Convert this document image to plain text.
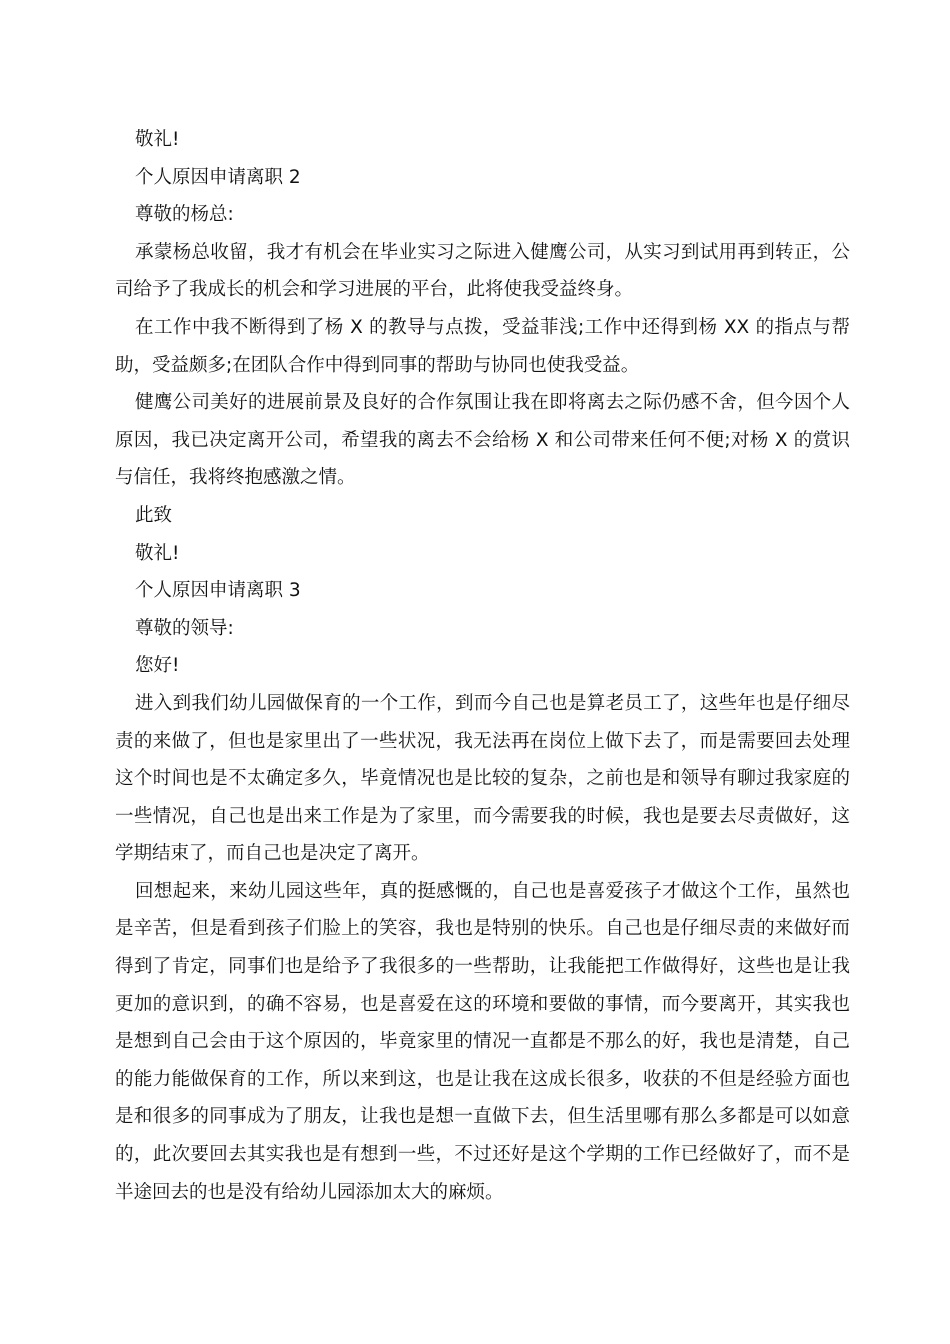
敬礼!

个人原因申请离职 2

尊敬的杨总:

承蒙杨总收留，我才有机会在毕业实习之际进入健鹰公司，从实习到试用再到转正，公司给予了我成长的机会和学习进展的平台，此将使我受益终身。

在工作中我不断得到了杨 X 的教导与点拨，受益菲浅;工作中还得到杨 XX 的指点与帮助，受益颇多;在团队合作中得到同事的帮助与协同也使我受益。

健鹰公司美好的进展前景及良好的合作氛围让我在即将离去之际仍感不舍，但今因个人原因，我已决定离开公司，希望我的离去不会给杨 X 和公司带来任何不便;对杨 X 的赏识与信任，我将终抱感激之情。

此致

敬礼!

个人原因申请离职 3

尊敬的领导:

您好!

进入到我们幼儿园做保育的一个工作，到而今自己也是算老员工了，这些年也是仔细尽责的来做了，但也是家里出了一些状况，我无法再在岗位上做下去了，而是需要回去处理这个时间也是不太确定多久，毕竟情况也是比较的复杂，之前也是和领导有聊过我家庭的一些情况，自己也是出来工作是为了家里，而今需要我的时候，我也是要去尽责做好，这学期结束了，而自己也是决定了离开。

回想起来，来幼儿园这些年，真的挺感慨的，自己也是喜爱孩子才做这个工作，虽然也是辛苦，但是看到孩子们脸上的笑容，我也是特别的快乐。自己也是仔细尽责的来做好而得到了肯定，同事们也是给予了我很多的一些帮助，让我能把工作做得好，这些也是让我更加的意识到，的确不容易，也是喜爱在这的环境和要做的事情，而今要离开，其实我也是想到自己会由于这个原因的，毕竟家里的情况一直都是不那么的好，我也是清楚，自己的能力能做保育的工作，所以来到这，也是让我在这成长很多，收获的不但是经验方面也是和很多的同事成为了朋友，让我也是想一直做下去，但生活里哪有那么多都是可以如意的，此次要回去其实我也是有想到一些，不过还好是这个学期的工作已经做好了，而不是半途回去的也是没有给幼儿园添加太大的麻烦。
